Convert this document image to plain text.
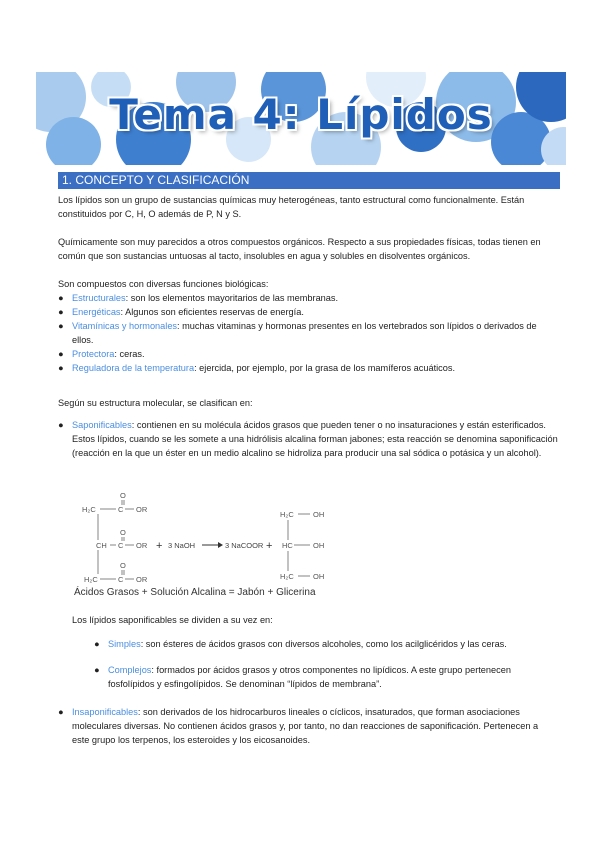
Tema 4: Lípidos
1. CONCEPTO Y CLASIFICACIÓN
Los lípidos son un grupo de sustancias químicas muy heterogéneas, tanto estructural como funcionalmente. Están constituidos por C, H, O además de P, N y S.
Químicamente son muy parecidos a otros compuestos orgánicos. Respecto a sus propiedades físicas, todas tienen en común que son sustancias untuosas al tacto, insolubles en agua y solubles en disolventes orgánicos.
Son compuestos con diversas funciones biológicas:
● Estructurales: son los elementos mayoritarios de las membranas.
● Energéticas: Algunos son eficientes reservas de energía.
● Vitamínicas y hormonales: muchas vitaminas y hormonas presentes en los vertebrados son lípidos o derivados de ellos.
● Protectora: ceras.
● Reguladora de la temperatura: ejercida, por ejemplo, por la grasa de los mamíferos acuáticos.
Según su estructura molecular, se clasifican en:
● Saponificables: contienen en su molécula ácidos grasos que pueden tener o no insaturaciones y están esterificados. Estos lípidos, cuando se les somete a una hidrólisis alcalina forman jabones; esta reacción se denomina saponificación (reacción en la que un éster en un medio alcalino se hidroliza para producir una sal sódica o potásica y un alcohol).
O
H₂C	C OR
O
CH C OR
O
H₂C	C OR
+ 3 NaOH	3 NaCOOR +
H₂C	OH
HC	OH
H₂C	OH
Ácidos Grasos + Solución Alcalina = Jabón + Glicerina
Los lípidos saponificables se dividen a su vez en:
● Simples: son ésteres de ácidos grasos con diversos alcoholes, como los acilglicéridos y las ceras.
● Complejos: formados por ácidos grasos y otros componentes no lipídicos. A este grupo pertenecen fosfolípidos y esfingolípidos. Se denominan “lípidos de membrana”.
● Insaponificables: son derivados de los hidrocarburos lineales o cíclicos, insaturados, que forman asociaciones moleculares diversas. No contienen ácidos grasos y, por tanto, no dan reacciones de saponificación. Pertenecen a este grupo los terpenos, los esteroides y los eicosanoides.
